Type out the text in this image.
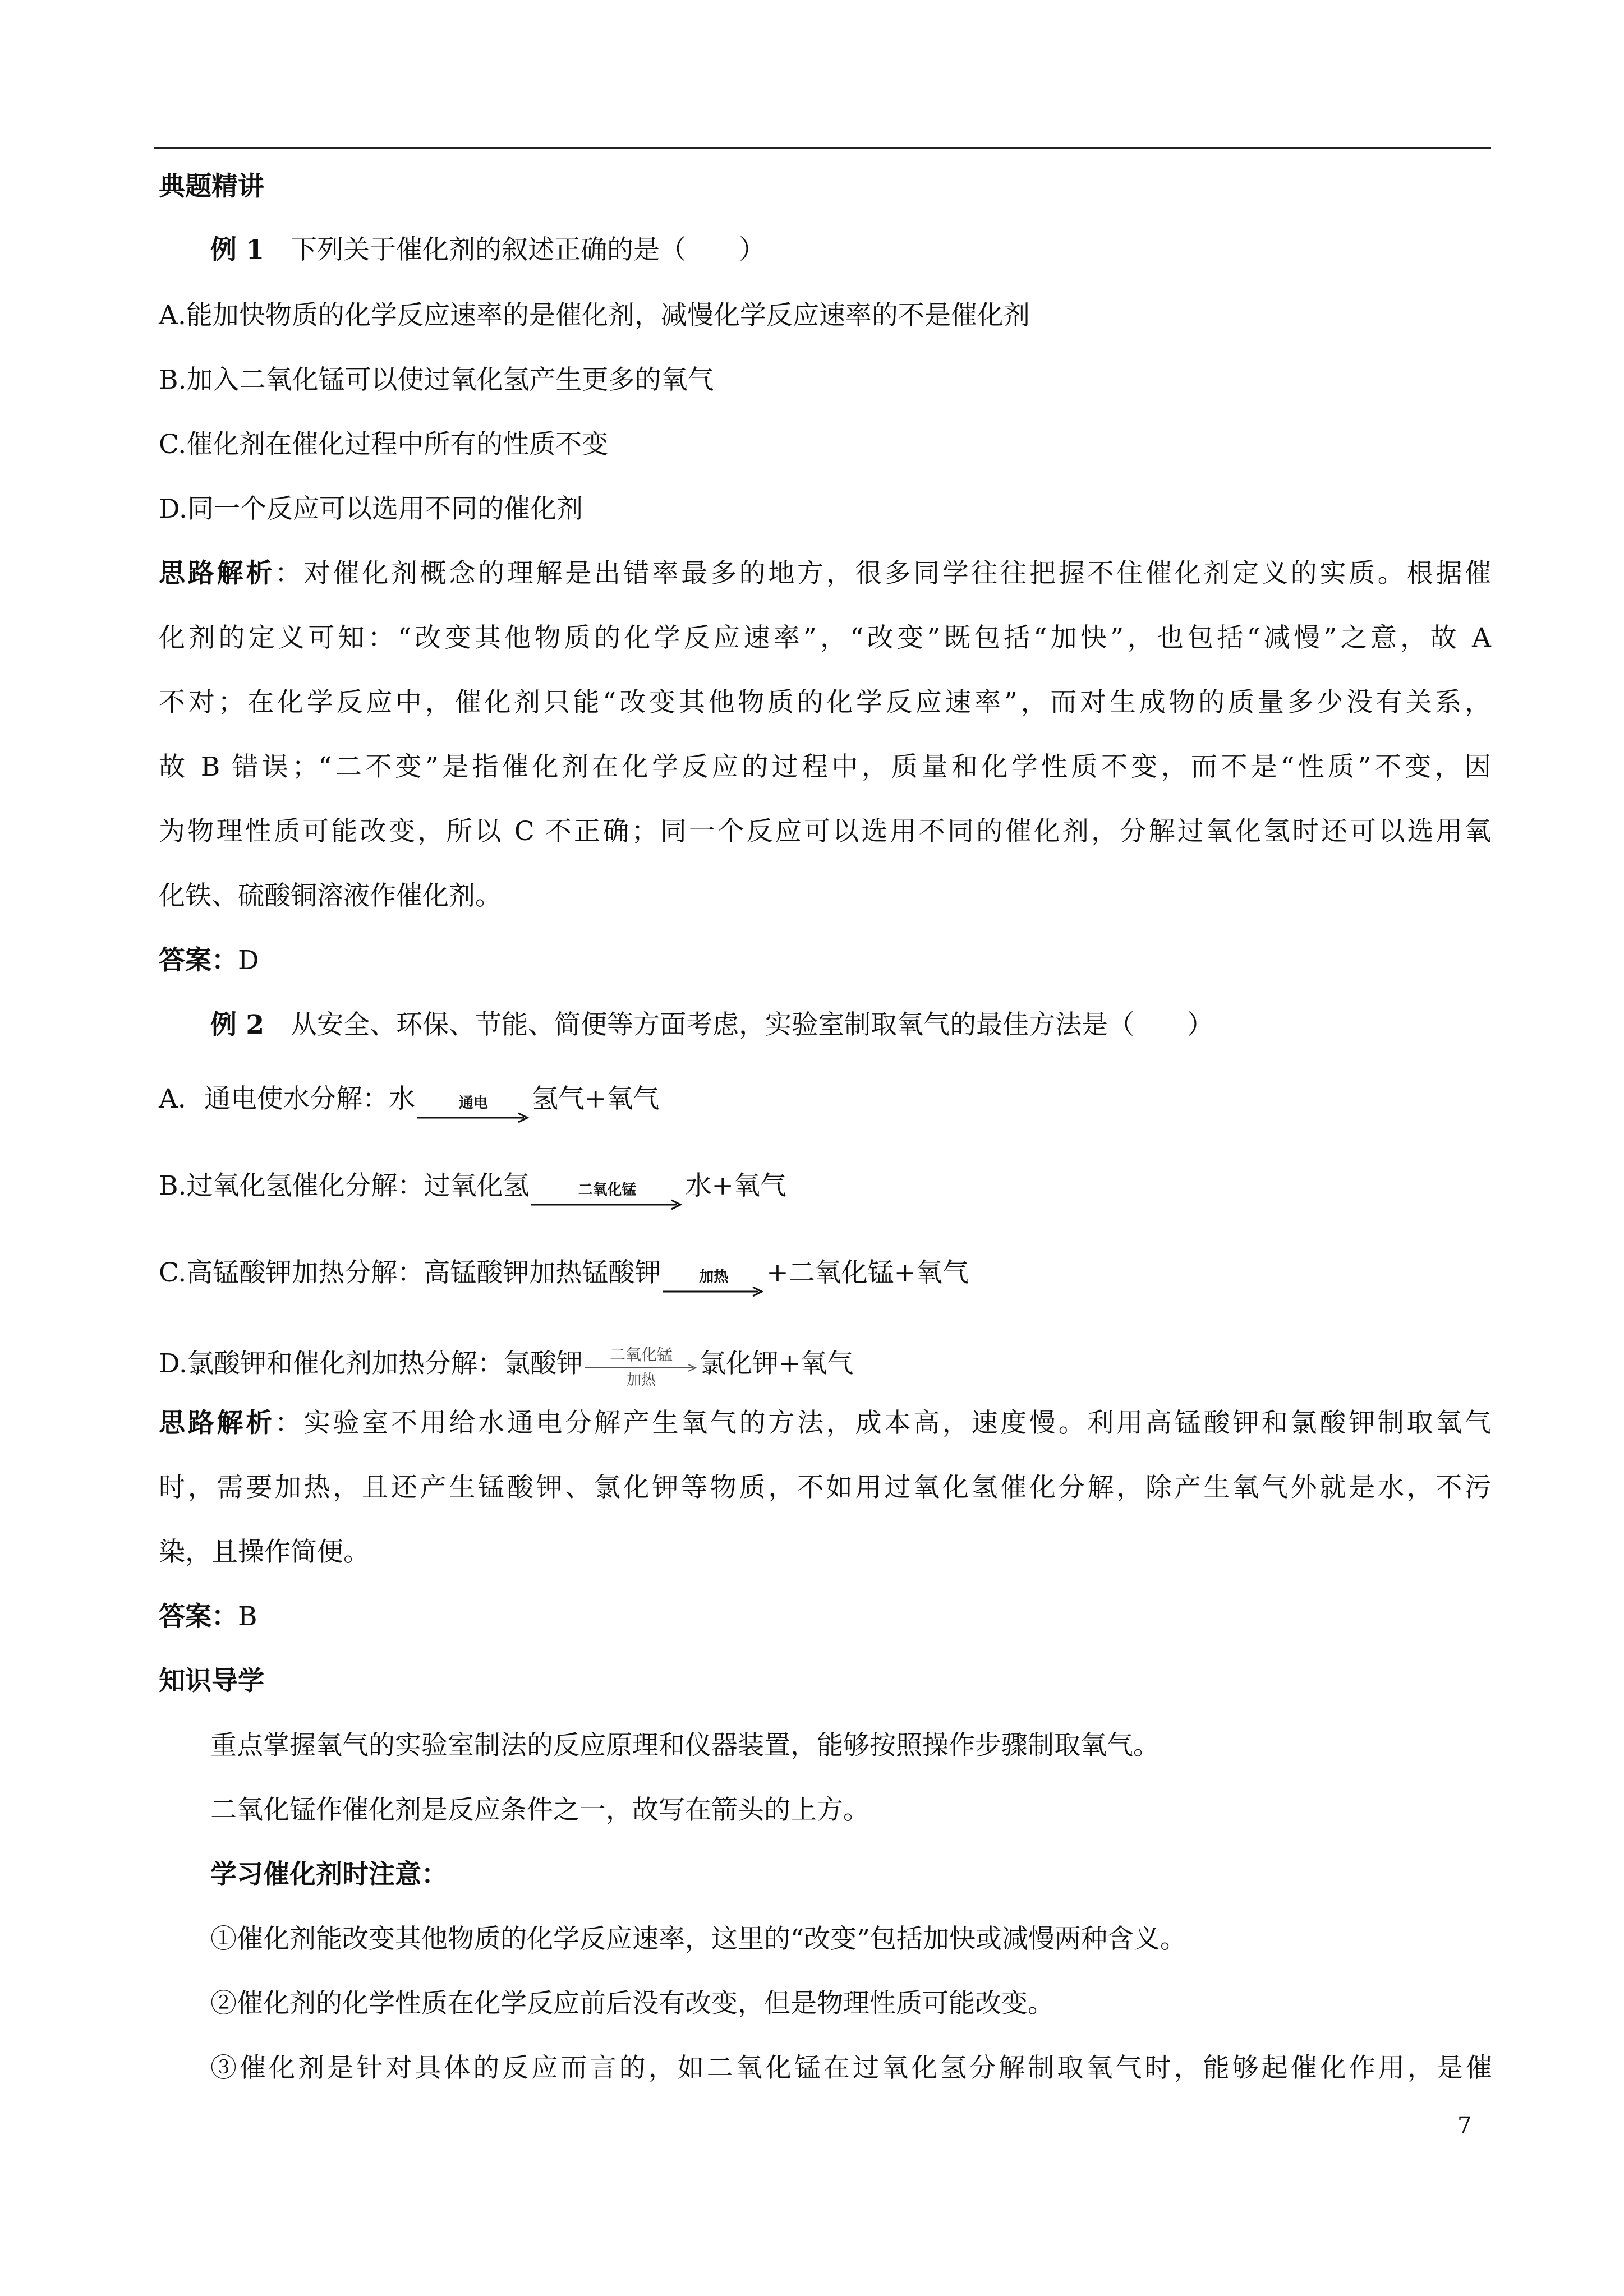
典题精讲
例 1　 下列关于催化剂的叙述正确的是（　　）
A.能加快物质的化学反应速率的是催化剂，减慢化学反应速率的不是催化剂
B.加入二氧化锰可以使过氧化氢产生更多的氧气
C.催化剂在催化过程中所有的性质不变
D.同一个反应可以选用不同的催化剂
思路解析：对催化剂概念的理解是出错率最多的地方，很多同学往往把握不住催化剂定义的实质。根据催
化剂的定义可知：“改变其他物质的化学反应速率”，“改变”既包括“加快”，也包括“减慢”之意，故 A
不对；在化学反应中，催化剂只能“改变其他物质的化学反应速率”，而对生成物的质量多少没有关系，
故 B 错误；“二不变”是指催化剂在化学反应的过程中，质量和化学性质不变，而不是“性质”不变，因
为物理性质可能改变，所以 C 不正确；同一个反应可以选用不同的催化剂，分解过氧化氢时还可以选用氧
化铁、硫酸铜溶液作催化剂。
答案：D
例 2　 从安全、环保、节能、简便等方面考虑，实验室制取氧气的最佳方法是（　　）
A．通电使水分解：水	通电	氢气+氧气
B.过氧化氢催化分解：过氧化氢	二氧化锰	水+氧气
C.高锰酸钾加热分解：高锰酸钾加热锰酸钾	加热	+二氧化锰+氧气
D.氯酸钾和催化剂加热分解：氯酸钾	二氧化锰
加热
氯化钾+氧气
思路解析：实验室不用给水通电分解产生氧气的方法，成本高，速度慢。利用高锰酸钾和氯酸钾制取氧气
时，需要加热，且还产生锰酸钾、氯化钾等物质，不如用过氧化氢催化分解，除产生氧气外就是水，不污
染，且操作简便。
答案：B
知识导学
重点掌握氧气的实验室制法的反应原理和仪器装置，能够按照操作步骤制取氧气。
二氧化锰作催化剂是反应条件之一，故写在箭头的上方。
学习催化剂时注意：
①催化剂能改变其他物质的化学反应速率，这里的“改变”包括加快或减慢两种含义。
②催化剂的化学性质在化学反应前后没有改变，但是物理性质可能改变。
③催化剂是针对具体的反应而言的，如二氧化锰在过氧化氢分解制取氧气时，能够起催化作用，是催
7
